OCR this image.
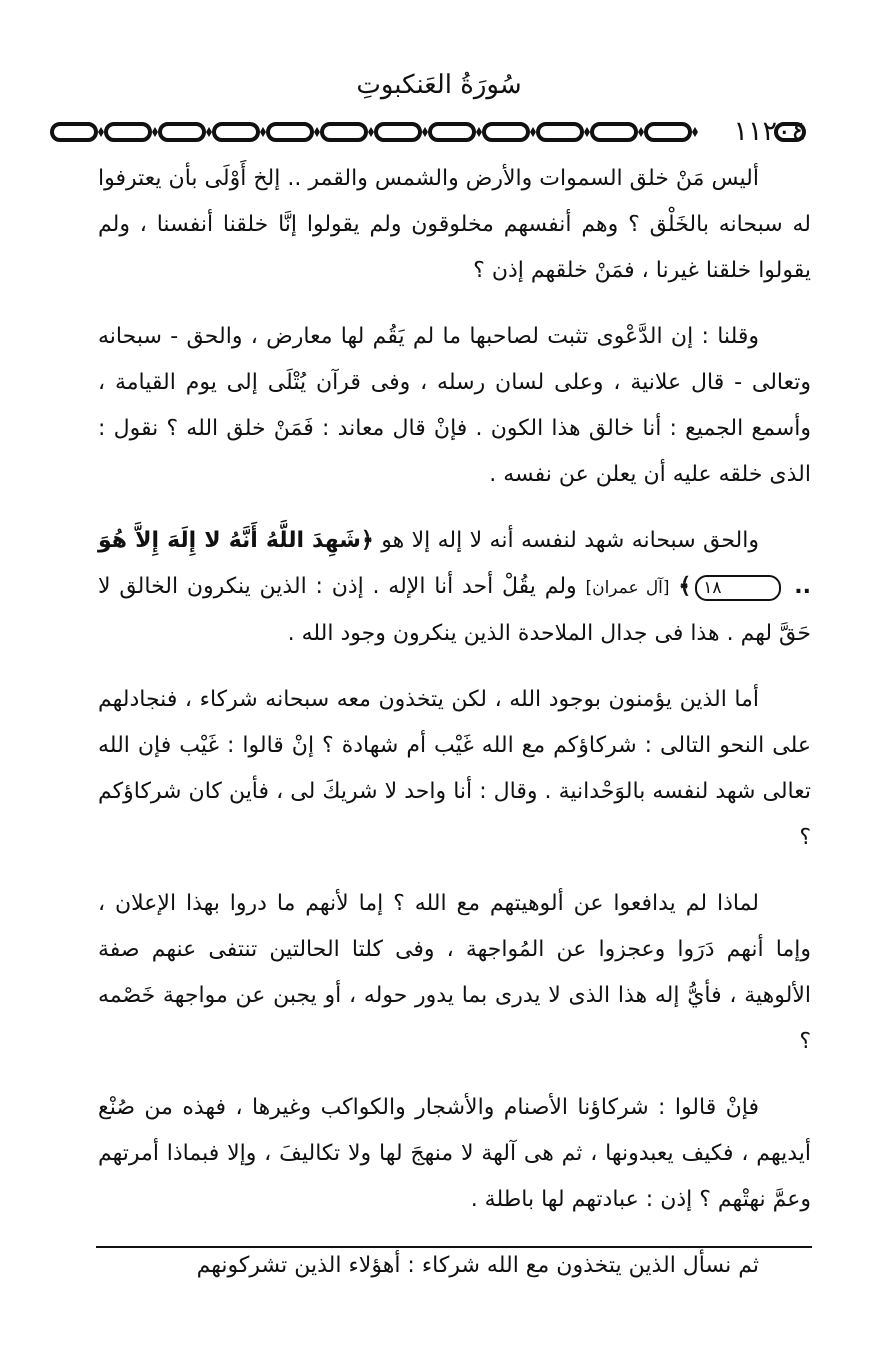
سُورَةُ العَنكبوتِ
١١٢٠٤

أليس مَنْ خلق السموات والأرض والشمس والقمر .. إلخ أَوْلَى بأن يعترفوا له سبحانه بالخَلْق ؟ وهم أنفسهم مخلوقون ولم يقولوا إنَّا خلقنا أنفسنا ، ولم يقولوا خلقنا غيرنا ، فمَنْ خلقهم إذن ؟

وقلنا : إن الدَّعْوى تثبت لصاحبها ما لم يَقُم لها معارض ، والحق - سبحانه وتعالى - قال علانية ، وعلى لسان رسله ، وفى قرآن يُتْلَى إلى يوم القيامة ، وأسمع الجميع : أنا خالق هذا الكون . فإنْ قال معاند : فَمَنْ خلق الله ؟ نقول : الذى خلقه عليه أن يعلن عن نفسه .

والحق سبحانه شهد لنفسه أنه لا إله إلا هو ﴿شَهِدَ اللَّهُ أَنَّهُ لا إِلَهَ إِلاَّ هُوَ .. ١٨﴾ [آل عمران] ولم يقُلْ أحد أنا الإله . إذن : الذين ينكرون الخالق لا حَقَّ لهم . هذا فى جدال الملاحدة الذين ينكرون وجود الله .

أما الذين يؤمنون بوجود الله ، لكن يتخذون معه سبحانه شركاء ، فنجادلهم على النحو التالى : شركاؤكم مع الله غَيْب أم شهادة ؟ إنْ قالوا : غَيْب فإن الله تعالى شهد لنفسه بالوَحْدانية . وقال : أنا واحد لا شريكَ لى ، فأين كان شركاؤكم ؟

لماذا لم يدافعوا عن ألوهيتهم مع الله ؟ إما لأنهم ما دروا بهذا الإعلان ، وإما أنهم دَرَوا وعجزوا عن المُواجهة ، وفى كلتا الحالتين تنتفى عنهم صفة الألوهية ، فأيُّ إله هذا الذى لا يدرى بما يدور حوله ، أو يجبن عن مواجهة خَصْمه ؟

فإنْ قالوا : شركاؤنا الأصنام والأشجار والكواكب وغيرها ، فهذه من صُنْع أيديهم ، فكيف يعبدونها ، ثم هى آلهة لا منهجَ لها ولا تكاليفَ ، وإلا فبماذا أمرتهم وعمَّ نهتْهم ؟ إذن : عبادتهم لها باطلة .

ثم نسأل الذين يتخذون مع الله شركاء : أهؤلاء الذين تشركونهم
